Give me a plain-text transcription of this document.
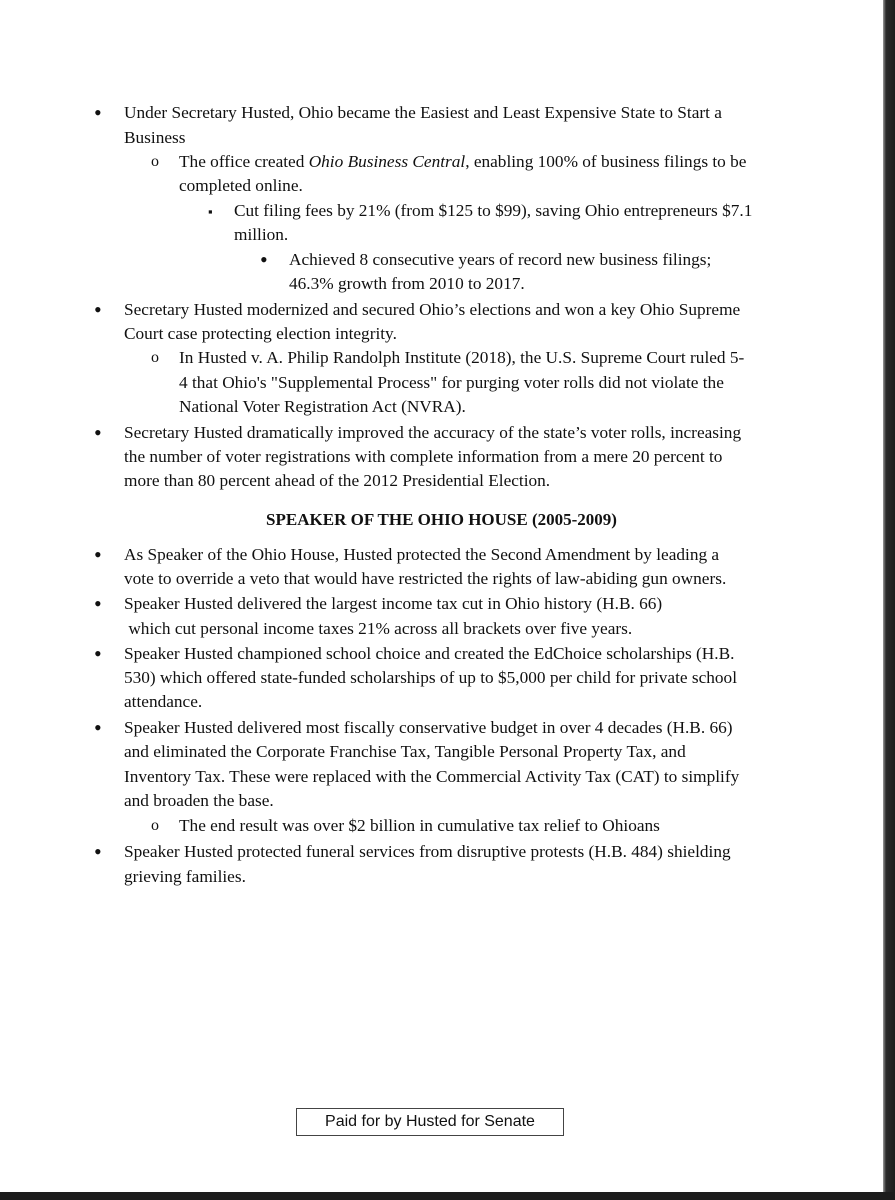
• Under Secretary Husted, Ohio became the Easiest and Least Expensive State to Start a
Business
o The office created Ohio Business Central, enabling 100% of business filings to be
completed online.
▪ Cut filing fees by 21% (from $125 to $99), saving Ohio entrepreneurs $7.1
million.
• Achieved 8 consecutive years of record new business filings;
46.3% growth from 2010 to 2017.
• Secretary Husted modernized and secured Ohio’s elections and won a key Ohio Supreme
Court case protecting election integrity.
o In Husted v. A. Philip Randolph Institute (2018), the U.S. Supreme Court ruled 5-
4 that Ohio's "Supplemental Process" for purging voter rolls did not violate the
National Voter Registration Act (NVRA).
• Secretary Husted dramatically improved the accuracy of the state’s voter rolls, increasing
the number of voter registrations with complete information from a mere 20 percent to
more than 80 percent ahead of the 2012 Presidential Election.
SPEAKER OF THE OHIO HOUSE (2005-2009)
• As Speaker of the Ohio House, Husted protected the Second Amendment by leading a
vote to override a veto that would have restricted the rights of law-abiding gun owners.
• Speaker Husted delivered the largest income tax cut in Ohio history (H.B. 66)
which cut personal income taxes 21% across all brackets over five years.
• Speaker Husted championed school choice and created the EdChoice scholarships (H.B.
530) which offered state-funded scholarships of up to $5,000 per child for private school
attendance.
• Speaker Husted delivered most fiscally conservative budget in over 4 decades (H.B. 66)
and eliminated the Corporate Franchise Tax, Tangible Personal Property Tax, and
Inventory Tax. These were replaced with the Commercial Activity Tax (CAT) to simplify
and broaden the base.
o The end result was over $2 billion in cumulative tax relief to Ohioans
• Speaker Husted protected funeral services from disruptive protests (H.B. 484) shielding
grieving families.
Paid for by Husted for Senate
